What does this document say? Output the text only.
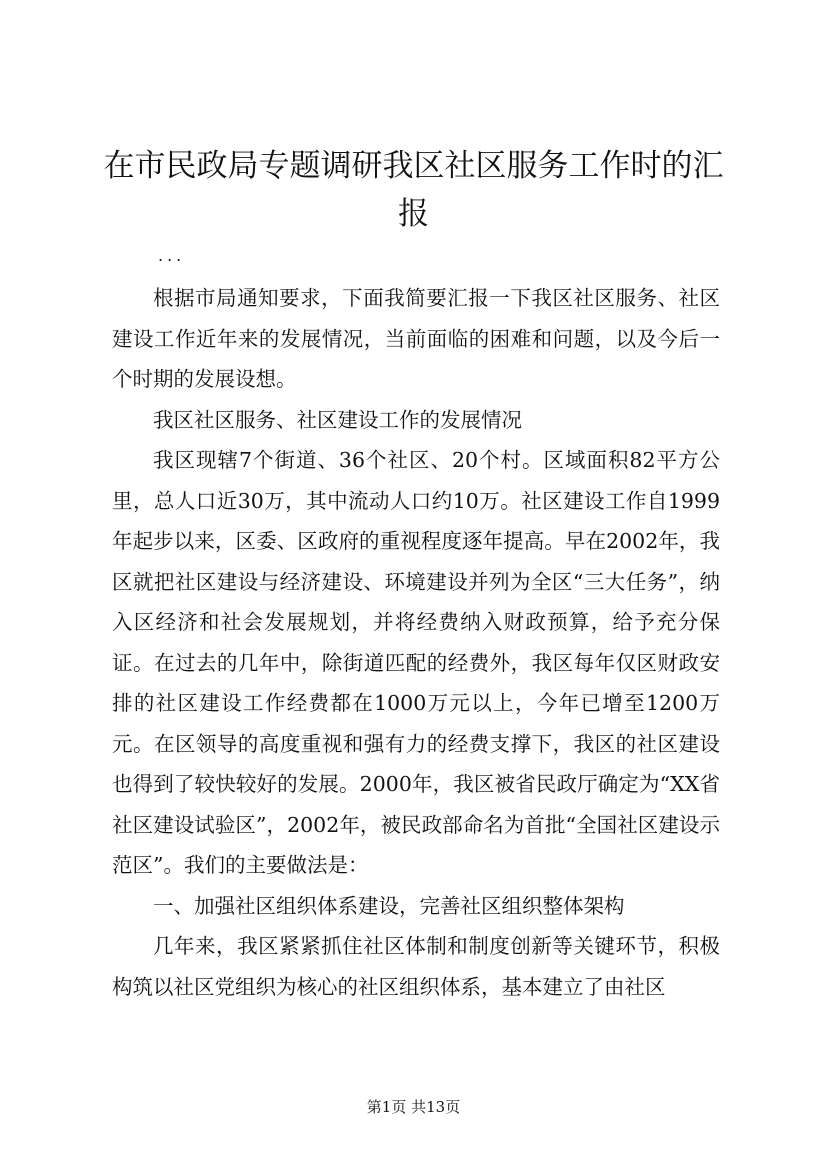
在市民政局专题调研我区社区服务工作时的汇报
...

根据市局通知要求，下面我简要汇报一下我区社区服务、社区建设工作近年来的发展情况，当前面临的困难和问题，以及今后一个时期的发展设想。

我区社区服务、社区建设工作的发展情况

我区现辖7个街道、36个社区、20个村。区域面积82平方公里，总人口近30万，其中流动人口约10万。社区建设工作自1999年起步以来，区委、区政府的重视程度逐年提高。早在2002年，我区就把社区建设与经济建设、环境建设并列为全区“三大任务”，纳入区经济和社会发展规划，并将经费纳入财政预算，给予充分保证。在过去的几年中，除街道匹配的经费外，我区每年仅区财政安排的社区建设工作经费都在1000万元以上，今年已增至1200万元。在区领导的高度重视和强有力的经费支撑下，我区的社区建设也得到了较快较好的发展。2000年，我区被省民政厅确定为“XX省社区建设试验区”，2002年，被民政部命名为首批“全国社区建设示范区”。我们的主要做法是：

一、加强社区组织体系建设，完善社区组织整体架构

几年来，我区紧紧抓住社区体制和制度创新等关键环节，积极构筑以社区党组织为核心的社区组织体系，基本建立了由社区

第1页 共13页
